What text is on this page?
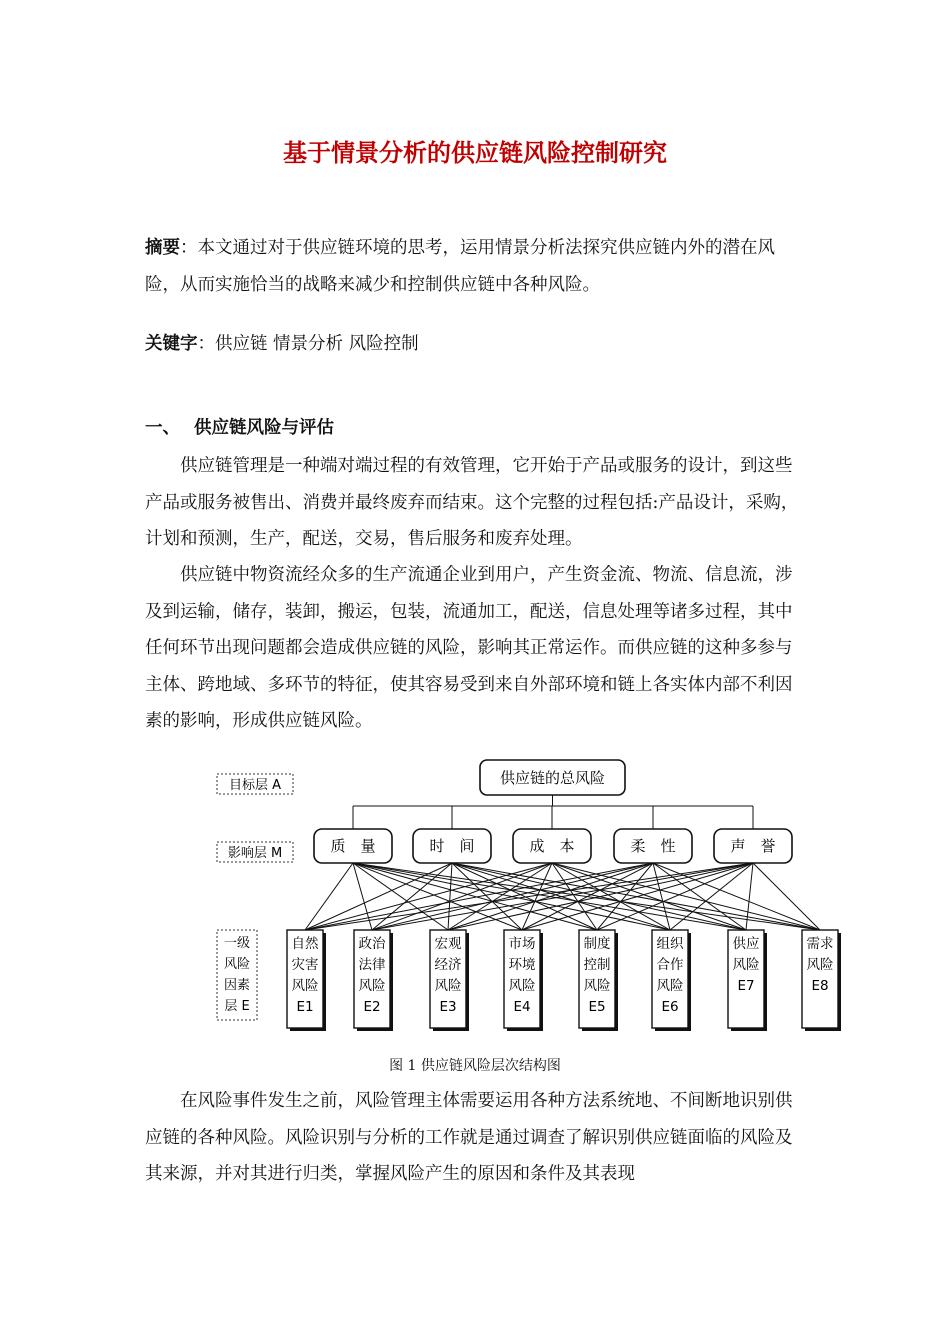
基于情景分析的供应链风险控制研究
摘要：本文通过对于供应链环境的思考，运用情景分析法探究供应链内外的潜在风险，从而实施恰当的战略来减少和控制供应链中各种风险。
关键字：供应链 情景分析 风险控制
一、 供应链风险与评估
供应链管理是一种端对端过程的有效管理，它开始于产品或服务的设计，到这些产品或服务被售出、消费并最终废弃而结束。这个完整的过程包括:产品设计，采购，计划和预测，生产，配送，交易，售后服务和废弃处理。
供应链中物资流经众多的生产流通企业到用户，产生资金流、物流、信息流，涉及到运输，储存，装卸，搬运，包装，流通加工，配送，信息处理等诸多过程，其中任何环节出现问题都会造成供应链的风险，影响其正常运作。而供应链的这种多参与主体、跨地域、多环节的特征，使其容易受到来自外部环境和链上各实体内部不利因素的影响，形成供应链风险。
目标层 A
影响层 M
一级
风险
因素
层 E
供应链的总风险
质　量	时　间	成　本	柔　性	声　誉
自然
灾害
风险
E1
政治
法律
风险
E2
宏观
经济
风险
E3
市场
环境
风险
E4
制度
控制
风险
E5
组织
合作
风险
E6
供应
风险
E7
需求
风险
E8
图 1 供应链风险层次结构图
在风险事件发生之前，风险管理主体需要运用各种方法系统地、不间断地识别供应链的各种风险。风险识别与分析的工作就是通过调查了解识别供应链面临的风险及其来源，并对其进行归类，掌握风险产生的原因和条件及其表现
